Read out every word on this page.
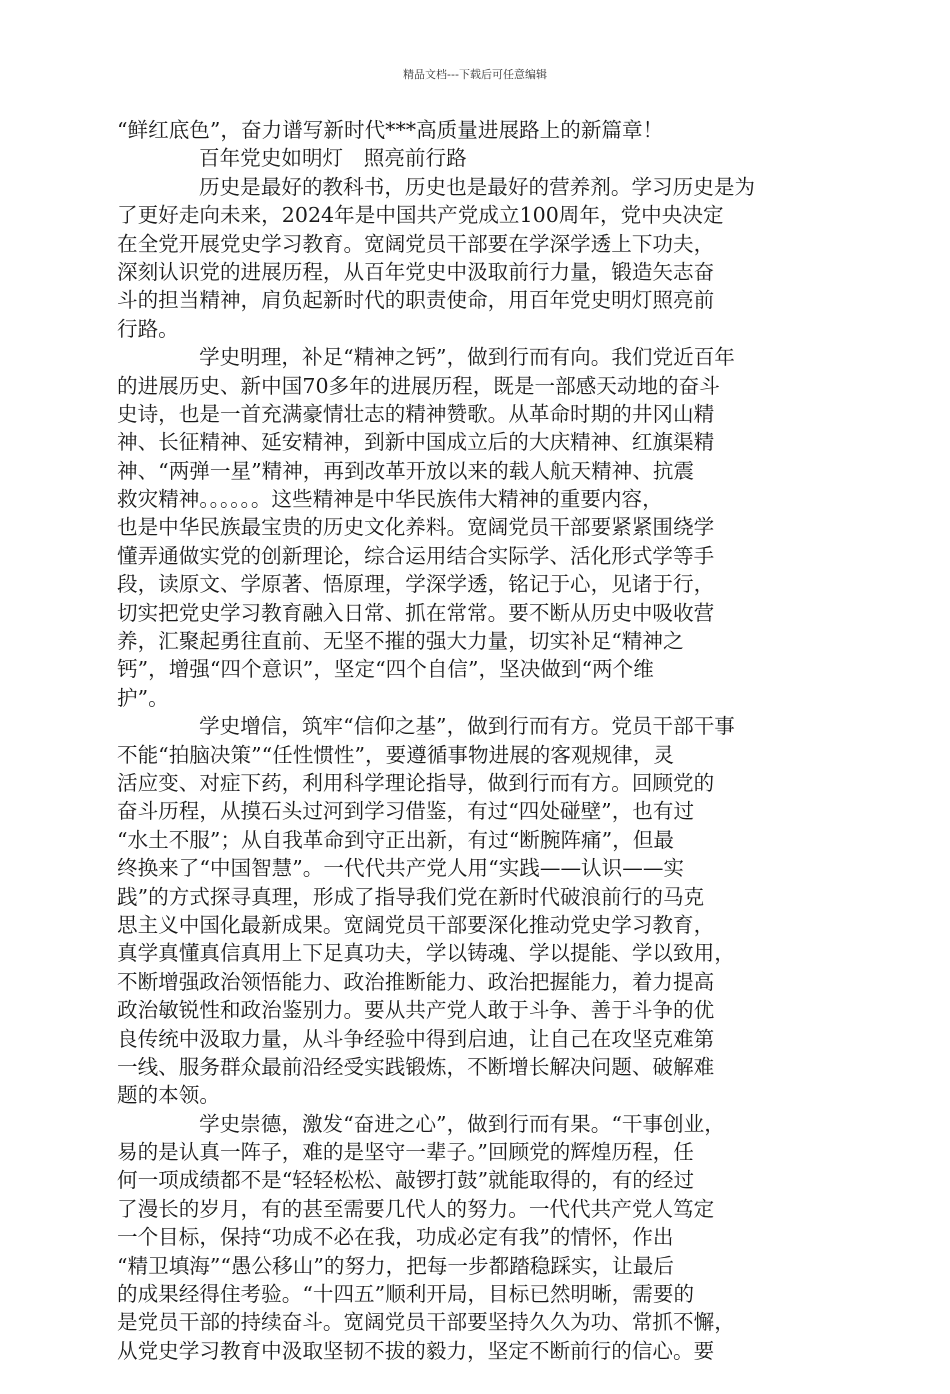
精品文档---下载后可任意编辑
“鲜红底色”，奋力谱写新时代***高质量进展路上的新篇章！
百年党史如明灯　照亮前行路
历史是最好的教科书，历史也是最好的营养剂。学习历史是为
了更好走向未来，2024年是中国共产党成立100周年，党中央决定
在全党开展党史学习教育。宽阔党员干部要在学深学透上下功夫，
深刻认识党的进展历程，从百年党史中汲取前行力量，锻造矢志奋
斗的担当精神，肩负起新时代的职责使命，用百年党史明灯照亮前
行路。
学史明理，补足“精神之钙”，做到行而有向。我们党近百年
的进展历史、新中国70多年的进展历程，既是一部感天动地的奋斗
史诗，也是一首充满豪情壮志的精神赞歌。从革命时期的井冈山精
神、长征精神、延安精神，到新中国成立后的大庆精神、红旗渠精
神、“两弹一星”精神，再到改革开放以来的载人航天精神、抗震
救灾精神。。。。。。这些精神是中华民族伟大精神的重要内容，
也是中华民族最宝贵的历史文化养料。宽阔党员干部要紧紧围绕学
懂弄通做实党的创新理论，综合运用结合实际学、活化形式学等手
段，读原文、学原著、悟原理，学深学透，铭记于心，见诸于行，
切实把党史学习教育融入日常、抓在常常。要不断从历史中吸收营
养，汇聚起勇往直前、无坚不摧的强大力量，切实补足“精神之
钙”，增强“四个意识”，坚定“四个自信”，坚决做到“两个维
护”。
学史增信，筑牢“信仰之基”，做到行而有方。党员干部干事
不能“拍脑决策”“任性惯性”，要遵循事物进展的客观规律，灵
活应变、对症下药，利用科学理论指导，做到行而有方。回顾党的
奋斗历程，从摸石头过河到学习借鉴，有过“四处碰壁”，也有过
“水土不服”；从自我革命到守正出新，有过“断腕阵痛”，但最
终换来了“中国智慧”。一代代共产党人用“实践——认识——实
践”的方式探寻真理，形成了指导我们党在新时代破浪前行的马克
思主义中国化最新成果。宽阔党员干部要深化推动党史学习教育，
真学真懂真信真用上下足真功夫，学以铸魂、学以提能、学以致用，
不断增强政治领悟能力、政治推断能力、政治把握能力，着力提高
政治敏锐性和政治鉴别力。要从共产党人敢于斗争、善于斗争的优
良传统中汲取力量，从斗争经验中得到启迪，让自己在攻坚克难第
一线、服务群众最前沿经受实践锻炼，不断增长解决问题、破解难
题的本领。
学史崇德，激发“奋进之心”，做到行而有果。“干事创业，
易的是认真一阵子，难的是坚守一辈子。”回顾党的辉煌历程，任
何一项成绩都不是“轻轻松松、敲锣打鼓”就能取得的，有的经过
了漫长的岁月，有的甚至需要几代人的努力。一代代共产党人笃定
一个目标，保持“功成不必在我，功成必定有我”的情怀，作出
“精卫填海”“愚公移山”的努力，把每一步都踏稳踩实，让最后
的成果经得住考验。“十四五”顺利开局，目标已然明晰，需要的
是党员干部的持续奋斗。宽阔党员干部要坚持久久为功、常抓不懈，
从党史学习教育中汲取坚韧不拔的毅力，坚定不断前行的信心。要
